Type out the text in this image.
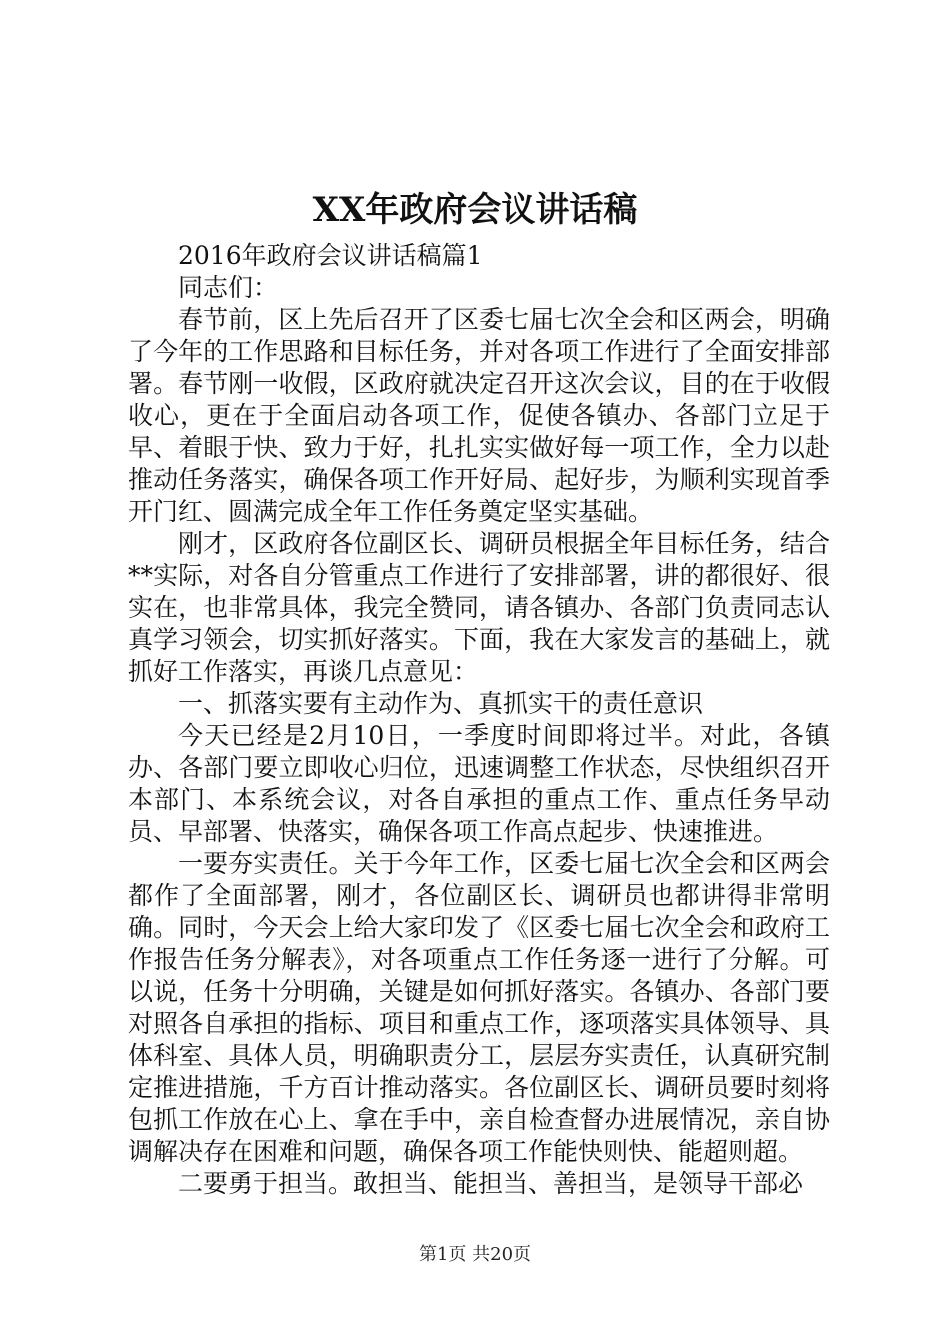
XX年政府会议讲话稿

2016年政府会议讲话稿篇1

同志们：

春节前，区上先后召开了区委七届七次全会和区两会，明确了今年的工作思路和目标任务，并对各项工作进行了全面安排部署。春节刚一收假，区政府就决定召开这次会议，目的在于收假收心，更在于全面启动各项工作，促使各镇办、各部门立足于早、着眼于快、致力于好，扎扎实实做好每一项工作，全力以赴推动任务落实，确保各项工作开好局、起好步，为顺利实现首季开门红、圆满完成全年工作任务奠定坚实基础。

刚才，区政府各位副区长、调研员根据全年目标任务，结合**实际，对各自分管重点工作进行了安排部署，讲的都很好、很实在，也非常具体，我完全赞同，请各镇办、各部门负责同志认真学习领会，切实抓好落实。下面，我在大家发言的基础上，就抓好工作落实，再谈几点意见：

一、抓落实要有主动作为、真抓实干的责任意识

今天已经是2月10日，一季度时间即将过半。对此，各镇办、各部门要立即收心归位，迅速调整工作状态，尽快组织召开本部门、本系统会议，对各自承担的重点工作、重点任务早动员、早部署、快落实，确保各项工作高点起步、快速推进。

一要夯实责任。关于今年工作，区委七届七次全会和区两会都作了全面部署，刚才，各位副区长、调研员也都讲得非常明确。同时，今天会上给大家印发了《区委七届七次全会和政府工作报告任务分解表》，对各项重点工作任务逐一进行了分解。可以说，任务十分明确，关键是如何抓好落实。各镇办、各部门要对照各自承担的指标、项目和重点工作，逐项落实具体领导、具体科室、具体人员，明确职责分工，层层夯实责任，认真研究制定推进措施，千方百计推动落实。各位副区长、调研员要时刻将包抓工作放在心上、拿在手中，亲自检查督办进展情况，亲自协调解决存在困难和问题，确保各项工作能快则快、能超则超。

二要勇于担当。敢担当、能担当、善担当，是领导干部必

第1页 共20页
